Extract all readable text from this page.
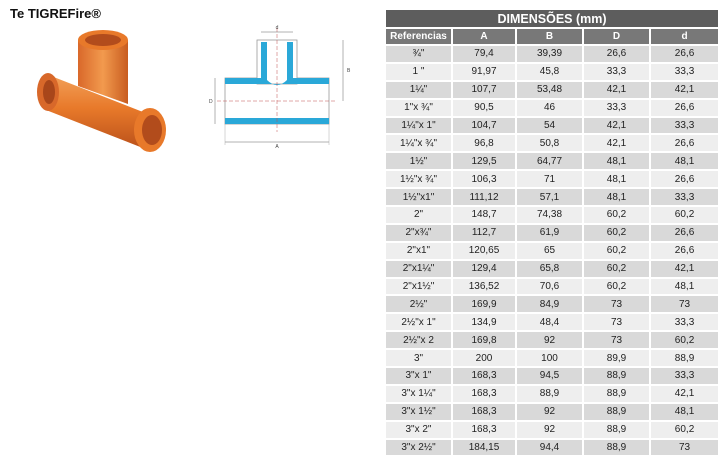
Te TIGREFire®
d
B
D
A
DIMENSÕES (mm)				
Referencias	A	B	D	d
¾"	79,4	39,39	26,6	26,6
1 "	91,97	45,8	33,3	33,3
1¼"	107,7	53,48	42,1	42,1
1"x ¾"	90,5	46	33,3	26,6
1¼"x 1"	104,7	54	42,1	33,3
1¼"x ¾"	96,8	50,8	42,1	26,6
1½"	129,5	64,77	48,1	48,1
1½"x ¾"	106,3	71	48,1	26,6
1½"x1"	111,12	57,1	48,1	33,3
2"	148,7	74,38	60,2	60,2
2"x¾"	112,7	61,9	60,2	26,6
2"x1"	120,65	65	60,2	26,6
2"x1¼"	129,4	65,8	60,2	42,1
2"x1½"	136,52	70,6	60,2	48,1
2½"	169,9	84,9	73	73
2½"x 1"	134,9	48,4	73	33,3
2½"x 2	169,8	92	73	60,2
3"	200	100	89,9	88,9
3"x 1"	168,3	94,5	88,9	33,3
3"x 1¼"	168,3	88,9	88,9	42,1
3"x 1½"	168,3	92	88,9	48,1
3"x 2"	168,3	92	88,9	60,2
3"x 2½"	184,15	94,4	88,9	73
